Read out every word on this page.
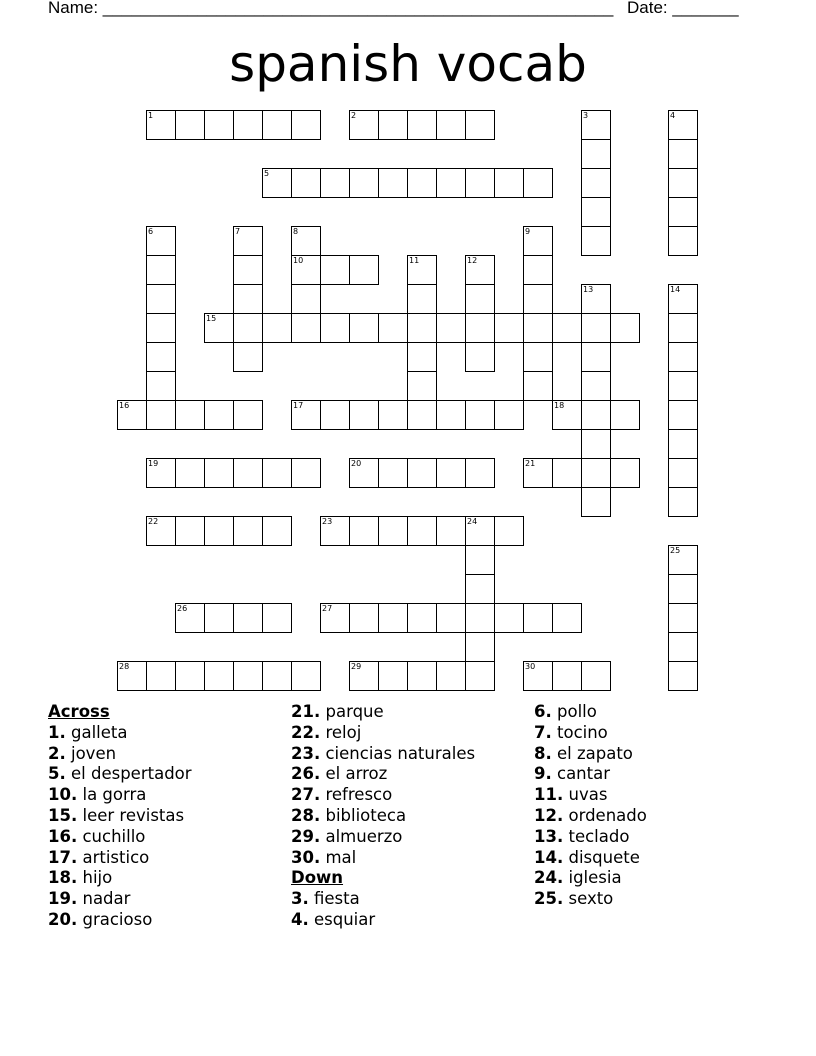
Name: ______________________________________________________ Date: _______
spanish vocab
1	2	3	4
5
6	7	8
10
9
11	12
13	14
15
16	17	18
19	20	21
22	23	24
25
26	27
28	29	30
Across
1. galleta
2. joven
5. el despertador
10. la gorra
15. leer revistas
16. cuchillo
17. artistico
18. hijo
19. nadar
20. gracioso
21. parque
22. reloj
23. ciencias naturales
26. el arroz
27. refresco
28. biblioteca
29. almuerzo
30. mal
Down
3. fiesta
4. esquiar
6. pollo
7. tocino
8. el zapato
9. cantar
11. uvas
12. ordenado
13. teclado
14. disquete
24. iglesia
25. sexto
